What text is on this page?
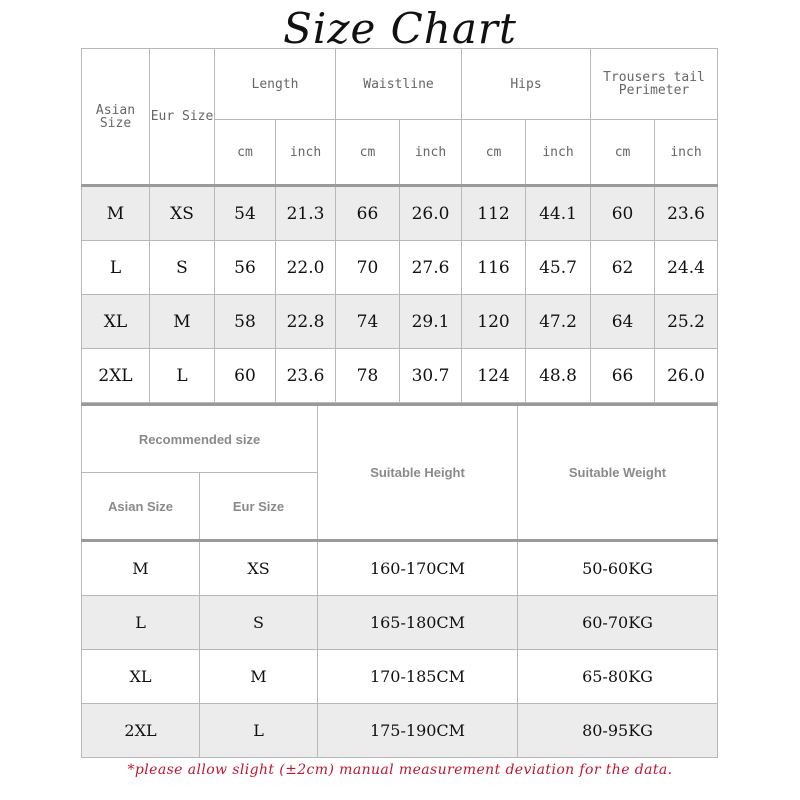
Size Chart
Asian Size	Eur Size	Length		Waistline		Hips		Trousers tail Perimeter	
		cm	inch	cm	inch	cm	inch	cm	inch
M	XS	54	21.3	66	26.0	112	44.1	60	23.6
L	S	56	22.0	70	27.6	116	45.7	62	24.4
XL	M	58	22.8	74	29.1	120	47.2	64	25.2
2XL	L	60	23.6	78	30.7	124	48.8	66	26.0
Recommended size		Suitable Height	Suitable Weight
Asian Size	Eur Size		
M	XS	160-170CM	50-60KG
L	S	165-180CM	60-70KG
XL	M	170-185CM	65-80KG
2XL	L	175-190CM	80-95KG
*please allow slight (±2cm) manual measurement deviation for the data.
